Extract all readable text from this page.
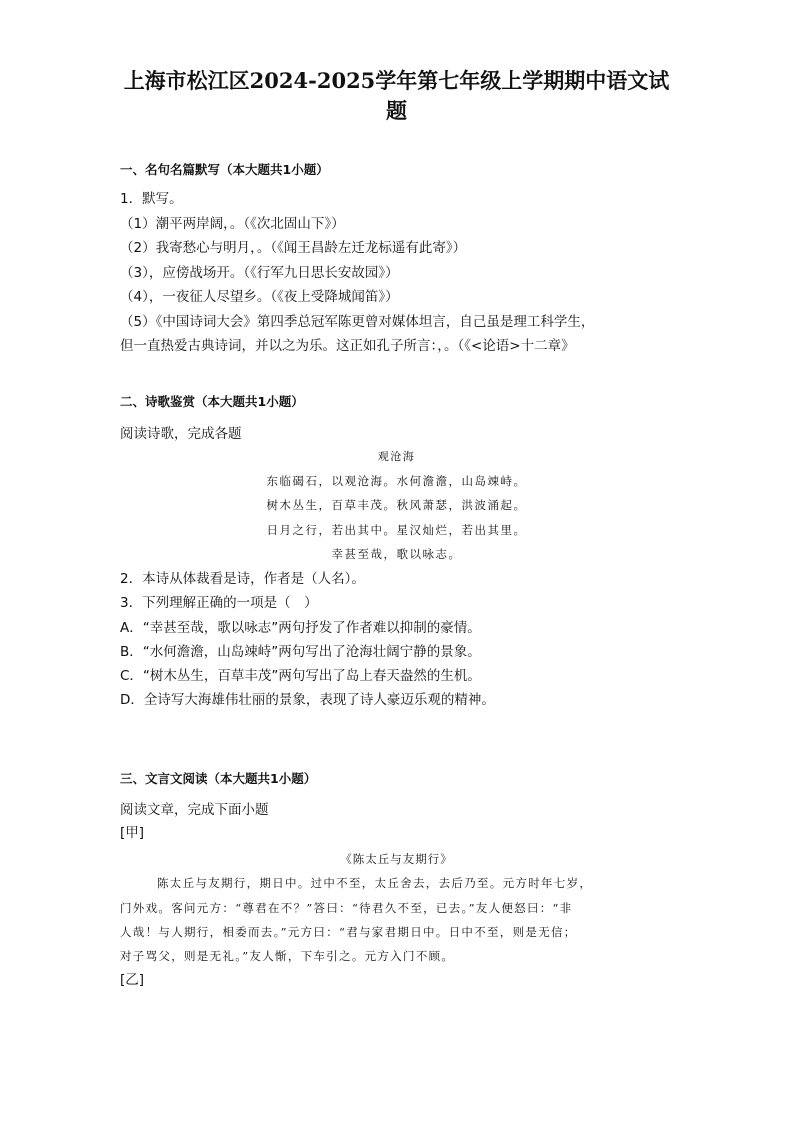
上海市松江区2024-2025学年第七年级上学期期中语文试
题
一、名句名篇默写（本大题共1小题）
1．默写。
（1）潮平两岸阔，。（《次北固山下》）
（2）我寄愁心与明月，。（《闻王昌龄左迁龙标遥有此寄》）
（3），应傍战场开。（《行军九日思长安故园》）
（4），一夜征人尽望乡。（《夜上受降城闻笛》）
（5）《中国诗词大会》第四季总冠军陈更曾对媒体坦言，自己虽是理工科学生，
但一直热爱古典诗词，并以之为乐。这正如孔子所言：，。（《<论语>十二章》
二、诗歌鉴赏（本大题共1小题）
阅读诗歌，完成各题
观沧海
东临碣石，以观沧海。水何澹澹，山岛竦峙。
树木丛生，百草丰茂。秋风萧瑟，洪波涌起。
日月之行，若出其中。星汉灿烂，若出其里。
幸甚至哉，歌以咏志。
2．本诗从体裁看是诗，作者是（人名）。
3．下列理解正确的一项是（　）
A．“幸甚至哉，歌以咏志”两句抒发了作者难以抑制的豪情。
B．“水何澹澹，山岛竦峙”两句写出了沧海壮阔宁静的景象。
C．“树木丛生，百草丰茂”两句写出了岛上春天盎然的生机。
D．全诗写大海雄伟壮丽的景象，表现了诗人豪迈乐观的精神。
三、文言文阅读（本大题共1小题）
阅读文章，完成下面小题
[甲]
《陈太丘与友期行》
陈太丘与友期行，期日中。过中不至，太丘舍去，去后乃至。元方时年七岁，
门外戏。客问元方：“尊君在不？”答曰：“待君久不至，已去。”友人便怒曰：“非
人哉！与人期行，相委而去。”元方曰：“君与家君期日中。日中不至，则是无信；
对子骂父，则是无礼。”友人惭，下车引之。元方入门不顾。
[乙]
